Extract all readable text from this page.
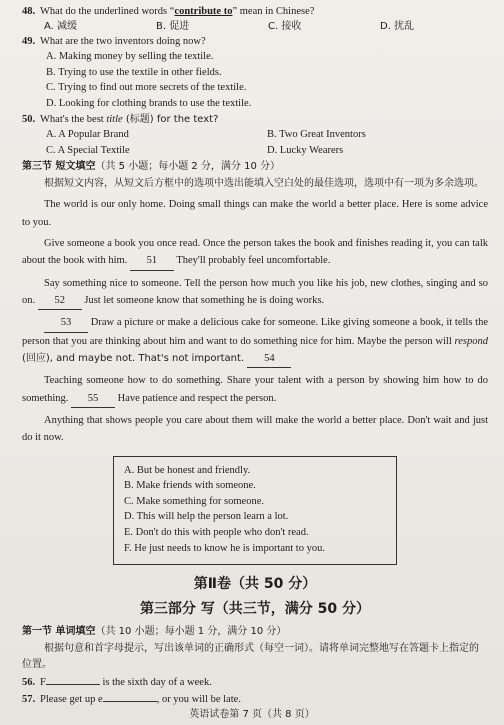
48. What do the underlined words “contribute to” mean in Chinese?
A. 减缓	B. 促进	C. 接收	D. 扰乱
49. What are the two inventors doing now?
A. Making money by selling the textile.
B. Trying to use the textile in other fields.
C. Trying to find out more secrets of the textile.
D. Looking for clothing brands to use the textile.
50. What's the best title (标题) for the text?
A. A Popular Brand	B. Two Great Inventors
C. A Special Textile	D. Lucky Wearers
第三节 短文填空（共 5 小题；每小题 2 分，满分 10 分）
根据短文内容，从短文后方框中的选项中选出能填入空白处的最佳选项，选项中有一项为多余选项。

The world is our only home. Doing small things can make the world a better place. Here is some advice to you.

Give someone a book you once read. Once the person takes the book and finishes reading it, you can talk about the book with him. 51 They'll probably feel uncomfortable.

Say something nice to someone. Tell the person how much you like his job, new clothes, singing and so on. 52 Just let someone know that something he is doing works.

53 Draw a picture or make a delicious cake for someone. Like giving someone a book, it tells the person that you are thinking about him and want to do something nice for him. Maybe the person will respond (回应), and maybe not. That's not important. 54

Teaching someone how to do something. Share your talent with a person by showing him how to do something. 55 Have patience and respect the person.

Anything that shows people you care about them will make the world a better place. Don't wait and just do it now.

A. But be honest and friendly.
B. Make friends with someone.
C. Make something for someone.
D. This will help the person learn a lot.
E. Don't do this with people who don't read.
F. He just needs to know he is important to you.
第Ⅱ卷（共 50 分）
第三部分 写（共三节，满分 50 分）
第一节 单词填空（共 10 小题；每小题 1 分，满分 10 分）
根据句意和首字母提示，写出该单词的正确形式（每空一词）。请将单词完整地写在答题卡上指定的位置。
56. F	is the sixth day of a week.
57. Please get up e	, or you will be late.
英语试卷第 7 页（共 8 页）
